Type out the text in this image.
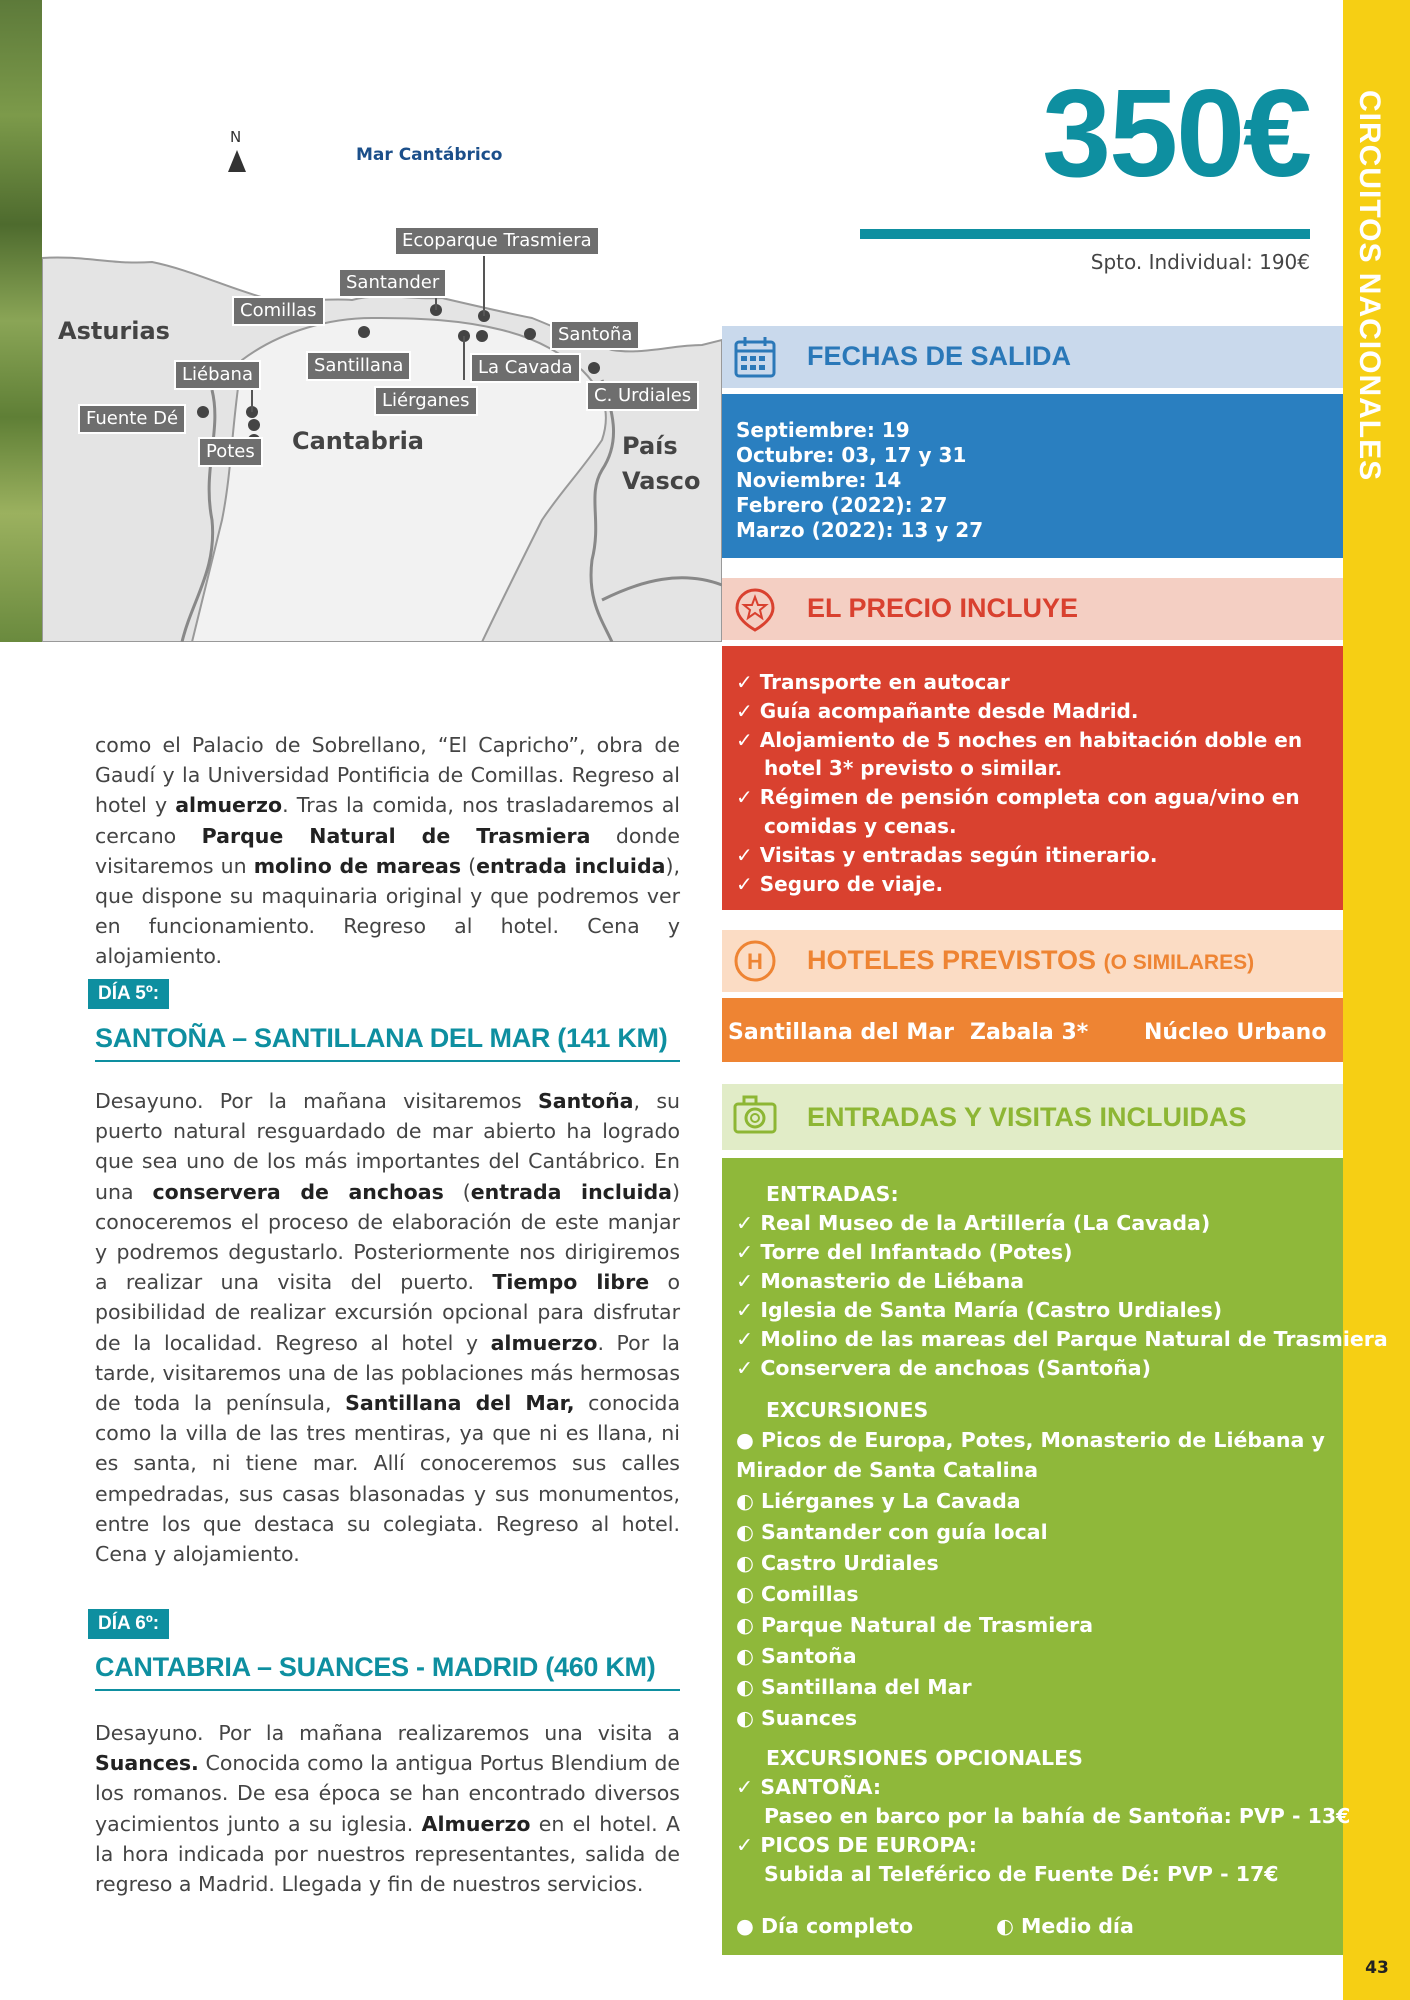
CIRCUITOS NACIONALES
43
N
Mar Cantábrico
Asturias
Cantabria	País
Vasco
Ecoparque Trasmiera
Santander
Comillas
Santoña
Santillana	La Cavada
Liébana
Liérganes	C. Urdiales
Fuente Dé
Potes
350€
Spto. Individual: 190€
FECHAS DE SALIDA
Septiembre: 19
Octubre: 03, 17 y 31
Noviembre: 14
Febrero (2022): 27
Marzo (2022): 13 y 27
EL PRECIO INCLUYE
✓ Transporte en autocar
✓ Guía acompañante desde Madrid.
✓ Alojamiento de 5 noches en habitación doble en
hotel 3* previsto o similar.
✓ Régimen de pensión completa con agua/vino en
comidas y cenas.
✓ Visitas y entradas según itinerario.
✓ Seguro de viaje.
H HOTELES PREVISTOS (O SIMILARES)
Santillana del Mar Zabala 3*	Núcleo Urbano
ENTRADAS Y VISITAS INCLUIDAS
ENTRADAS:
✓ Real Museo de la Artillería (La Cavada)
✓ Torre del Infantado (Potes)
✓ Monasterio de Liébana
✓ Iglesia de Santa María (Castro Urdiales)
✓ Molino de las mareas del Parque Natural de Trasmiera
✓ Conservera de anchoas (Santoña)
EXCURSIONES
● Picos de Europa, Potes, Monasterio de Liébana y
Mirador de Santa Catalina
◐ Liérganes y La Cavada
◐ Santander con guía local
◐ Castro Urdiales
◐ Comillas
◐ Parque Natural de Trasmiera
◐ Santoña
◐ Santillana del Mar
◐ Suances
EXCURSIONES OPCIONALES
✓ SANTOÑA:
Paseo en barco por la bahía de Santoña: PVP - 13€
✓ PICOS DE EUROPA:
Subida al Teleférico de Fuente Dé: PVP - 17€
● Día completo	◐ Medio día
como el Palacio de Sobrellano, “El Capricho”, obra de Gaudí y la Universidad Pontificia de Comillas. Regreso al hotel y almuerzo. Tras la comida, nos trasladaremos al cercano Parque Natural de Trasmiera donde visitaremos un molino de mareas (entrada incluida), que dispone su maquinaria original y que podremos ver en funcionamiento. Regreso al hotel. Cena y alojamiento.
DÍA 5º:
SANTOÑA – SANTILLANA DEL MAR (141 KM)
Desayuno. Por la mañana visitaremos Santoña, su puerto natural resguardado de mar abierto ha logrado que sea uno de los más importantes del Cantábrico. En una conservera de anchoas (entrada incluida) conoceremos el proceso de elaboración de este manjar y podremos degustarlo. Posteriormente nos dirigiremos a realizar una visita del puerto. Tiempo libre o posibilidad de realizar excursión opcional para disfrutar de la localidad. Regreso al hotel y almuerzo. Por la tarde, visitaremos una de las poblaciones más hermosas de toda la península, Santillana del Mar, conocida como la villa de las tres mentiras, ya que ni es llana, ni es santa, ni tiene mar. Allí conoceremos sus calles empedradas, sus casas blasonadas y sus monumentos, entre los que destaca su colegiata. Regreso al hotel. Cena y alojamiento.
DÍA 6º:
CANTABRIA – SUANCES - MADRID (460 KM)
Desayuno. Por la mañana realizaremos una visita a Suances. Conocida como la antigua Portus Blendium de los romanos. De esa época se han encontrado diversos yacimientos junto a su iglesia. Almuerzo en el hotel. A la hora indicada por nuestros representantes, salida de regreso a Madrid. Llegada y fin de nuestros servicios.
